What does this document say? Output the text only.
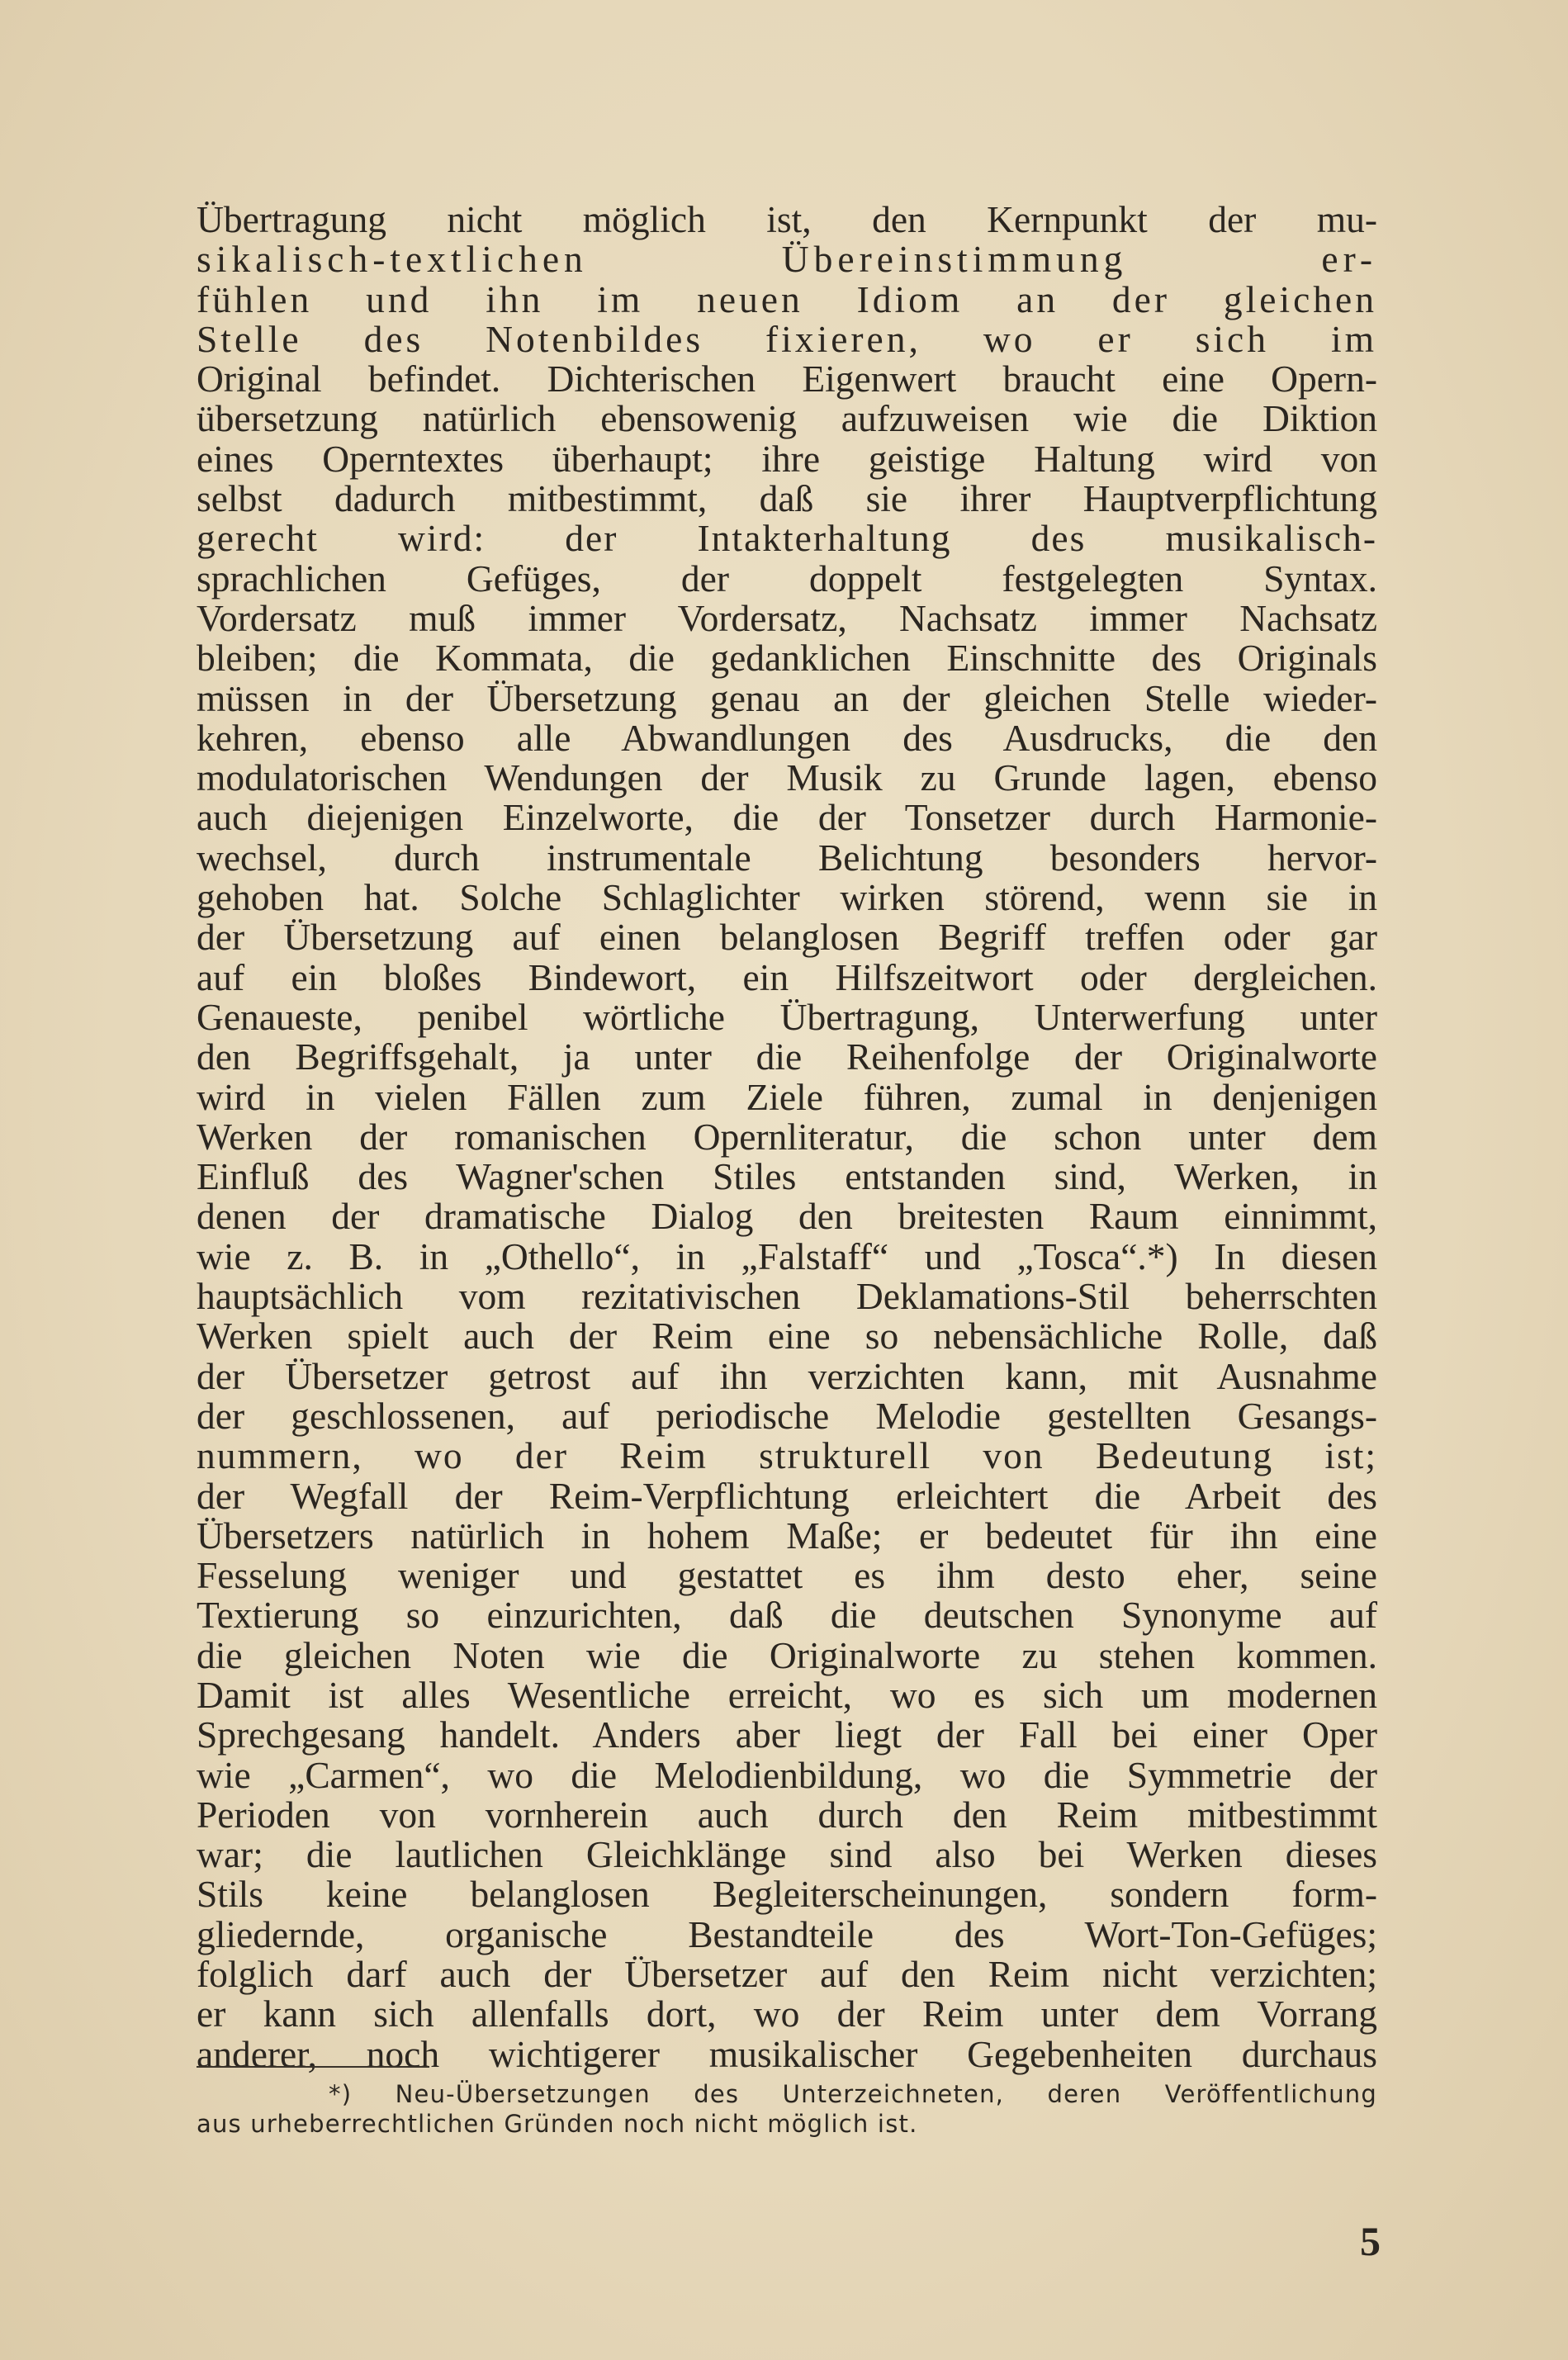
Übertragung nicht möglich ist, den Kernpunkt der mu-
sikalisch-textlichen Übereinstimmung er-
fühlen und ihn im neuen Idiom an der gleichen
Stelle des Notenbildes fixieren, wo er sich im
Original befindet. Dichterischen Eigenwert braucht eine Opern-
übersetzung natürlich ebensowenig aufzuweisen wie die Diktion
eines Operntextes überhaupt; ihre geistige Haltung wird von
selbst dadurch mitbestimmt, daß sie ihrer Hauptverpflichtung
gerecht wird: der Intakterhaltung des musikalisch-
sprachlichen Gefüges, der doppelt festgelegten Syntax.
Vordersatz muß immer Vordersatz, Nachsatz immer Nachsatz
bleiben; die Kommata, die gedanklichen Einschnitte des Originals
müssen in der Übersetzung genau an der gleichen Stelle wieder-
kehren, ebenso alle Abwandlungen des Ausdrucks, die den
modulatorischen Wendungen der Musik zu Grunde lagen, ebenso
auch diejenigen Einzelworte, die der Tonsetzer durch Harmonie-
wechsel, durch instrumentale Belichtung besonders hervor-
gehoben hat. Solche Schlaglichter wirken störend, wenn sie in
der Übersetzung auf einen belanglosen Begriff treffen oder gar
auf ein bloßes Bindewort, ein Hilfszeitwort oder dergleichen.
Genaueste, penibel wörtliche Übertragung, Unterwerfung unter
den Begriffsgehalt, ja unter die Reihenfolge der Originalworte
wird in vielen Fällen zum Ziele führen, zumal in denjenigen
Werken der romanischen Opernliteratur, die schon unter dem
Einfluß des Wagner'schen Stiles entstanden sind, Werken, in
denen der dramatische Dialog den breitesten Raum einnimmt,
wie z. B. in „Othello“, in „Falstaff“ und „Tosca“.*) In diesen
hauptsächlich vom rezitativischen Deklamations-Stil beherrschten
Werken spielt auch der Reim eine so nebensächliche Rolle, daß
der Übersetzer getrost auf ihn verzichten kann, mit Ausnahme
der geschlossenen, auf periodische Melodie gestellten Gesangs-
nummern, wo der Reim strukturell von Bedeutung ist;
der Wegfall der Reim-Verpflichtung erleichtert die Arbeit des
Übersetzers natürlich in hohem Maße; er bedeutet für ihn eine
Fesselung weniger und gestattet es ihm desto eher, seine
Textierung so einzurichten, daß die deutschen Synonyme auf
die gleichen Noten wie die Originalworte zu stehen kommen.
Damit ist alles Wesentliche erreicht, wo es sich um modernen
Sprechgesang handelt. Anders aber liegt der Fall bei einer Oper
wie „Carmen“, wo die Melodienbildung, wo die Symmetrie der
Perioden von vornherein auch durch den Reim mitbestimmt
war; die lautlichen Gleichklänge sind also bei Werken dieses
Stils keine belanglosen Begleiterscheinungen, sondern form-
gliedernde, organische Bestandteile des Wort-Ton-Gefüges;
folglich darf auch der Übersetzer auf den Reim nicht verzichten;
er kann sich allenfalls dort, wo der Reim unter dem Vorrang
anderer, noch wichtigerer musikalischer Gegebenheiten durchaus
*) Neu-Übersetzungen des Unterzeichneten, deren Veröffentlichung
aus urheberrechtlichen Gründen noch nicht möglich ist.
5
